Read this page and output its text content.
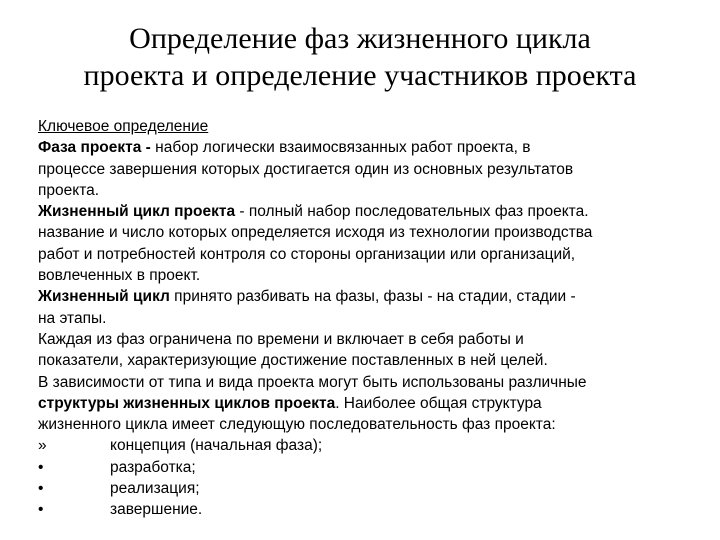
Определение фаз жизненного цикла
проекта и определение участников проекта
Ключевое определение
Фаза проекта - набор логически взаимосвязанных работ проекта, в
процессе завершения которых достигается один из основных результатов
проекта.
Жизненный цикл проекта - полный набор последовательных фаз проекта.
название и число которых определяется исходя из технологии производства
работ и потребностей контроля со стороны организации или организаций,
вовлеченных в проект.
Жизненный цикл принято разбивать на фазы, фазы - на стадии, стадии -
на этапы.
Каждая из фаз ограничена по времени и включает в себя работы и
показатели, характеризующие достижение поставленных в ней целей.
В зависимости от типа и вида проекта могут быть использованы различные
структуры жизненных циклов проекта. Наиболее общая структура
жизненного цикла имеет следующую последовательность фаз проекта:
»	концепция (начальная фаза);
•	разработка;
•	реализация;
•	завершение.
